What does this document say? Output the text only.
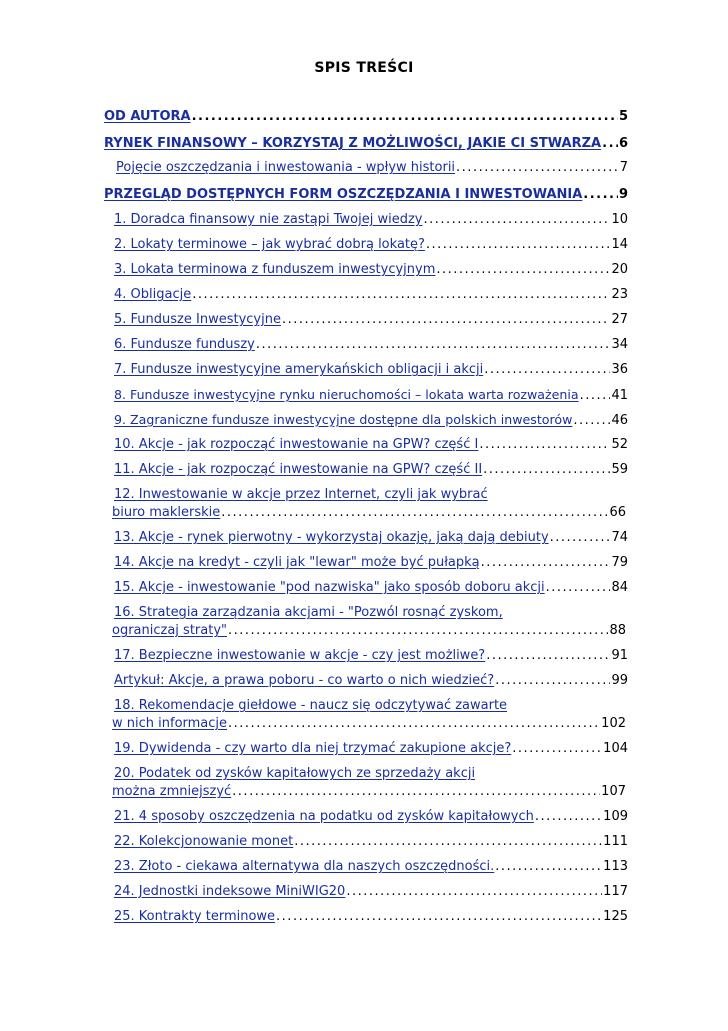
SPIS TREŚCI
OD AUTORA .....	5
RYNEK FINANSOWY – KORZYSTAJ Z MOŻLIWOŚCI, JAKIE CI STWARZA ..... 6
Pojęcie oszczędzania i inwestowania - wpływ historii .....	7
PRZEGLĄD DOSTĘPNYCH FORM OSZCZĘDZANIA I INWESTOWANIA .....	9
1. Doradca finansowy nie zastąpi Twojej wiedzy .....	10
2. Lokaty terminowe – jak wybrać dobrą lokatę? .....	14
3. Lokata terminowa z funduszem inwestycyjnym .....	20
4. Obligacje .....	23
5. Fundusze Inwestycyjne .....	27
6. Fundusze funduszy .....	34
7. Fundusze inwestycyjne amerykańskich obligacji i akcji .....	36
8. Fundusze inwestycyjne rynku nieruchomości – lokata warta rozważenia .....	41
9. Zagraniczne fundusze inwestycyjne dostępne dla polskich inwestorów .....	46
10. Akcje - jak rozpocząć inwestowanie na GPW? część I .....	52
11. Akcje - jak rozpocząć inwestowanie na GPW? część II .....	59
12. Inwestowanie w akcje przez Internet, czyli jak wybrać
biuro maklerskie .....	66
13. Akcje - rynek pierwotny - wykorzystaj okazję, jaką dają debiuty .....	74
14. Akcje na kredyt - czyli jak "lewar" może być pułapką .....	79
15. Akcje - inwestowanie "pod nazwiska" jako sposób doboru akcji .....	84
16. Strategia zarządzania akcjami - "Pozwól rosnąć zyskom,
ograniczaj straty" .....	88
17. Bezpieczne inwestowanie w akcje - czy jest możliwe? .....	91
Artykuł: Akcje, a prawa poboru - co warto o nich wiedzieć? .....	99
18. Rekomendacje giełdowe - naucz się odczytywać zawarte
w nich informacje .....	102
19. Dywidenda - czy warto dla niej trzymać zakupione akcje? .....	104
20. Podatek od zysków kapitałowych ze sprzedaży akcji
można zmniejszyć .....	107
21. 4 sposoby oszczędzenia na podatku od zysków kapitałowych .....	109
22. Kolekcjonowanie monet .....	111
23. Złoto - ciekawa alternatywa dla naszych oszczędności. .....	113
24. Jednostki indeksowe MiniWIG20 .....	117
25. Kontrakty terminowe .....	125
